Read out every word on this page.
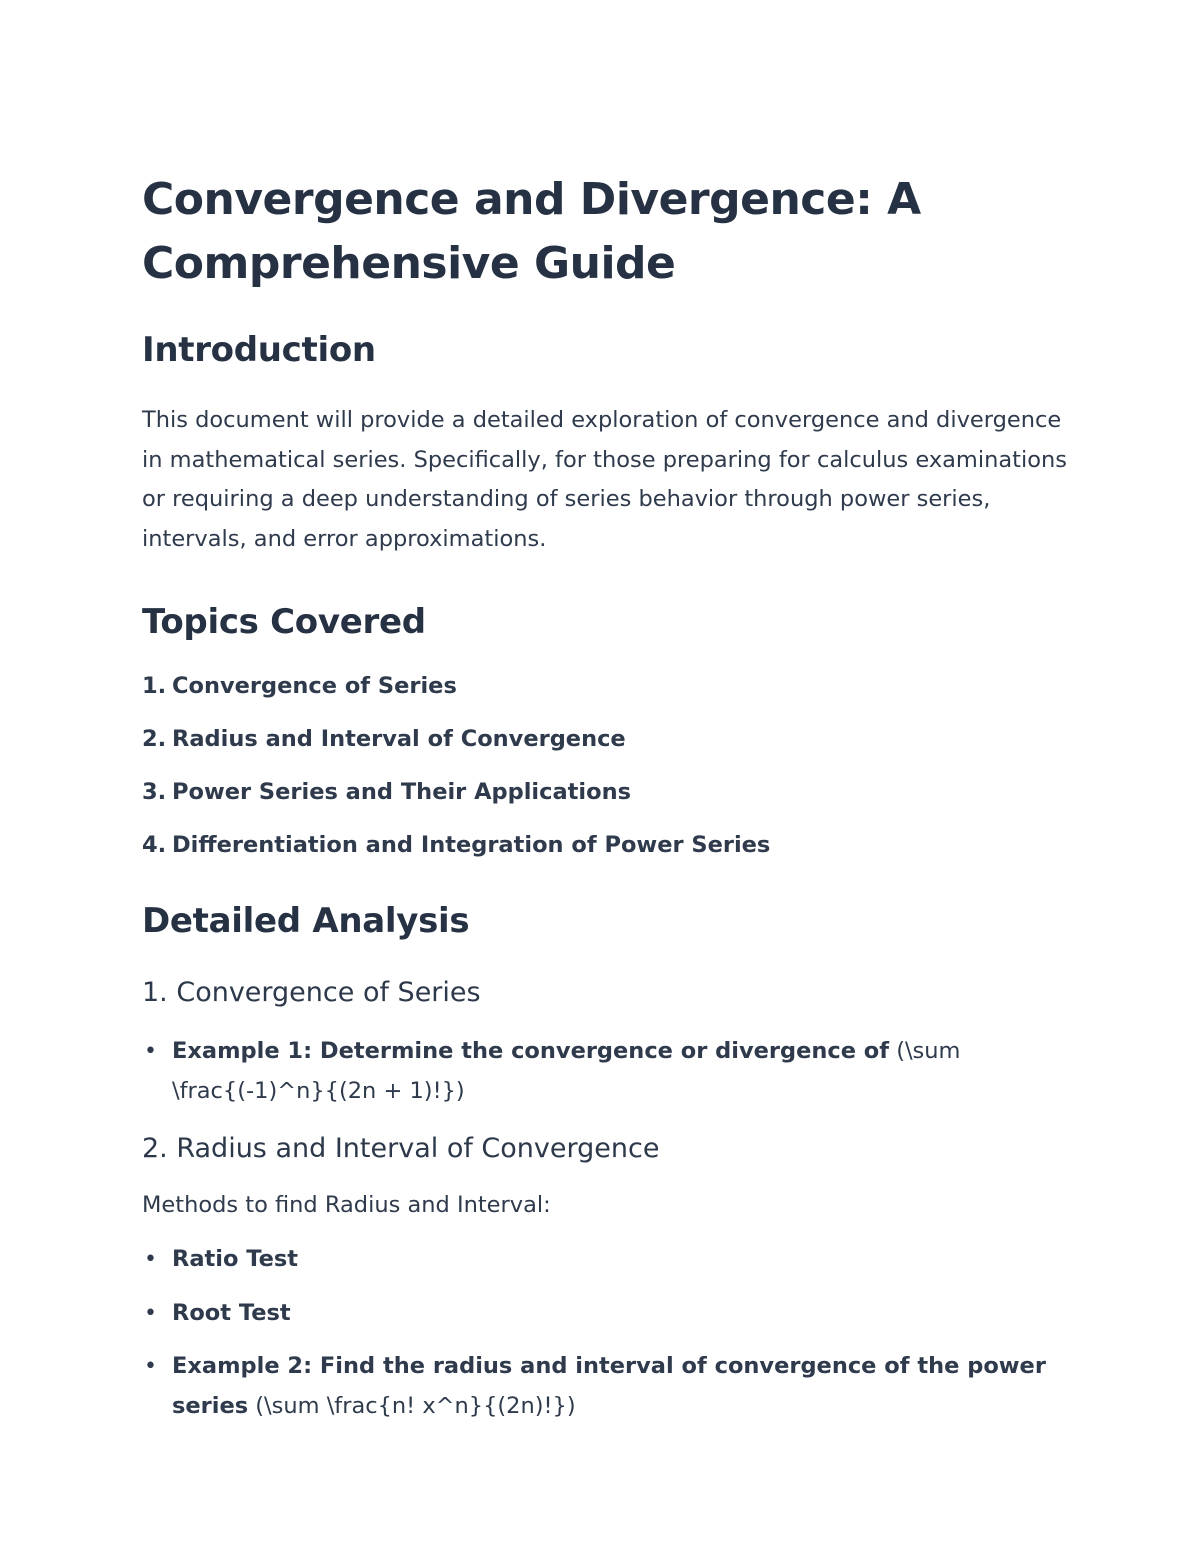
Convergence and Divergence: A Comprehensive Guide
Introduction

This document will provide a detailed exploration of convergence and divergence in mathematical series. Specifically, for those preparing for calculus examinations or requiring a deep understanding of series behavior through power series, intervals, and error approximations.

Topics Covered
1. Convergence of Series
2. Radius and Interval of Convergence
3. Power Series and Their Applications
4. Differentiation and Integration of Power Series
Detailed Analysis
1. Convergence of Series
• Example 1: Determine the convergence or divergence of (\sum \frac{(-1)^n}{(2n + 1)!})
2. Radius and Interval of Convergence

Methods to find Radius and Interval:

• Ratio Test
• Root Test
• Example 2: Find the radius and interval of convergence of the power series (\sum \frac{n! x^n}{(2n)!})
